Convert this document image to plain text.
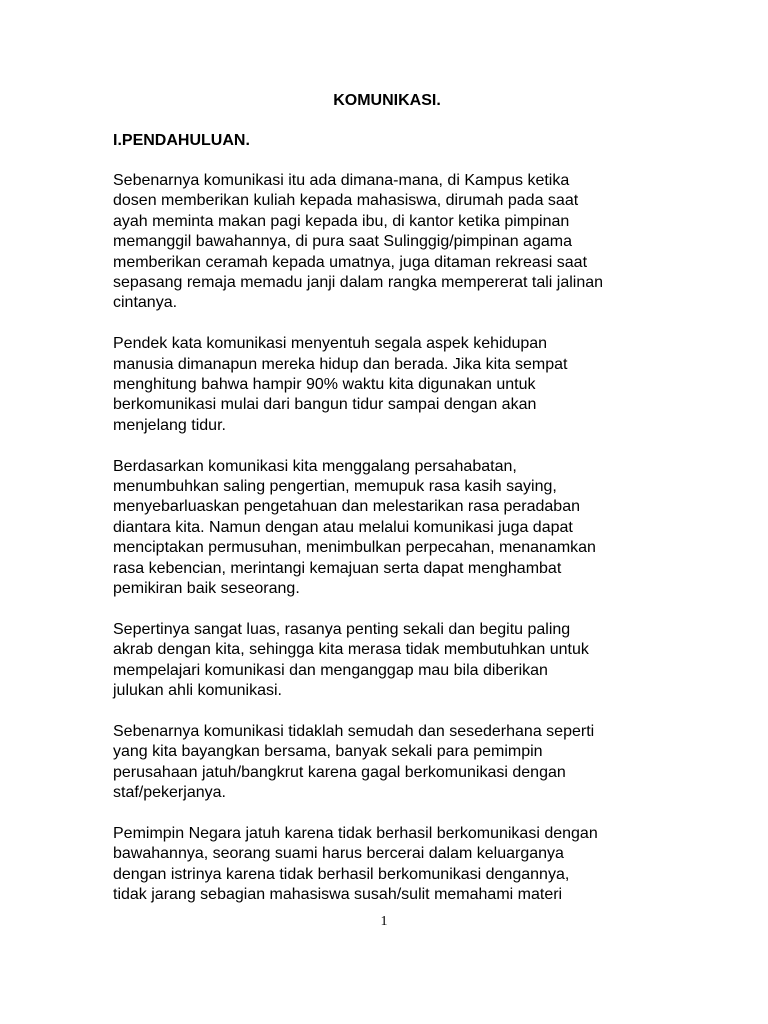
KOMUNIKASI.
I.PENDAHULUAN.

Sebenarnya komunikasi itu ada dimana-mana, di Kampus ketika
dosen memberikan kuliah kepada mahasiswa, dirumah pada saat
ayah meminta makan pagi kepada ibu, di kantor ketika pimpinan
memanggil bawahannya, di pura saat Sulinggig/pimpinan agama
memberikan ceramah kepada umatnya, juga ditaman rekreasi saat
sepasang remaja memadu janji dalam rangka mempererat tali jalinan
cintanya.

Pendek kata komunikasi menyentuh segala aspek kehidupan
manusia dimanapun mereka hidup dan berada. Jika kita sempat
menghitung bahwa hampir 90% waktu kita digunakan untuk
berkomunikasi mulai dari bangun tidur sampai dengan akan
menjelang tidur.

Berdasarkan komunikasi kita menggalang persahabatan,
menumbuhkan saling pengertian, memupuk rasa kasih saying,
menyebarluaskan pengetahuan dan melestarikan rasa peradaban
diantara kita. Namun dengan atau melalui komunikasi juga dapat
menciptakan permusuhan, menimbulkan perpecahan, menanamkan
rasa kebencian, merintangi kemajuan serta dapat menghambat
pemikiran baik seseorang.

Sepertinya sangat luas, rasanya penting sekali dan begitu paling
akrab dengan kita, sehingga kita merasa tidak membutuhkan untuk
mempelajari komunikasi dan menganggap mau bila diberikan
julukan ahli komunikasi.

Sebenarnya komunikasi tidaklah semudah dan sesederhana seperti
yang kita bayangkan bersama, banyak sekali para pemimpin
perusahaan jatuh/bangkrut karena gagal berkomunikasi dengan
staf/pekerjanya.

Pemimpin Negara jatuh karena tidak berhasil berkomunikasi dengan
bawahannya, seorang suami harus bercerai dalam keluarganya
dengan istrinya karena tidak berhasil berkomunikasi dengannya,
tidak jarang sebagian mahasiswa susah/sulit memahami materi

1
